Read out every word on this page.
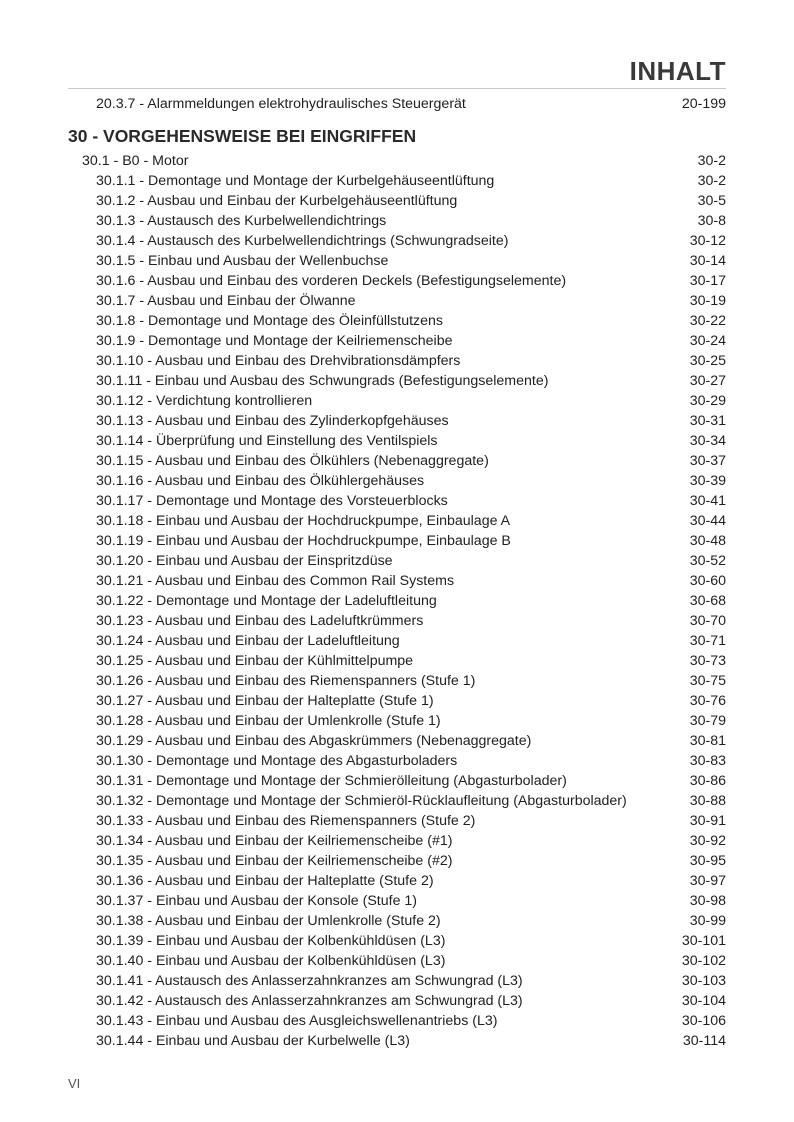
INHALT
20.3.7 - Alarmmeldungen elektrohydraulisches Steuergerät	20-199
30 - VORGEHENSWEISE BEI EINGRIFFEN
30.1 - B0 - Motor	30-2
30.1.1 - Demontage und Montage der Kurbelgehäuseentlüftung	30-2
30.1.2 - Ausbau und Einbau der Kurbelgehäuseentlüftung	30-5
30.1.3 - Austausch des Kurbelwellendichtrings	30-8
30.1.4 - Austausch des Kurbelwellendichtrings (Schwungradseite)	30-12
30.1.5 - Einbau und Ausbau der Wellenbuchse	30-14
30.1.6 - Ausbau und Einbau des vorderen Deckels (Befestigungselemente)	30-17
30.1.7 - Ausbau und Einbau der Ölwanne	30-19
30.1.8 - Demontage und Montage des Öleinfüllstutzens	30-22
30.1.9 - Demontage und Montage der Keilriemenscheibe	30-24
30.1.10 - Ausbau und Einbau des Drehvibrationsdämpfers	30-25
30.1.11 - Einbau und Ausbau des Schwungrads (Befestigungselemente)	30-27
30.1.12 - Verdichtung kontrollieren	30-29
30.1.13 - Ausbau und Einbau des Zylinderkopfgehäuses	30-31
30.1.14 - Überprüfung und Einstellung des Ventilspiels	30-34
30.1.15 - Ausbau und Einbau des Ölkühlers (Nebenaggregate)	30-37
30.1.16 - Ausbau und Einbau des Ölkühlergehäuses	30-39
30.1.17 - Demontage und Montage des Vorsteuerblocks	30-41
30.1.18 - Einbau und Ausbau der Hochdruckpumpe, Einbaulage A	30-44
30.1.19 - Einbau und Ausbau der Hochdruckpumpe, Einbaulage B	30-48
30.1.20 - Einbau und Ausbau der Einspritzdüse	30-52
30.1.21 - Ausbau und Einbau des Common Rail Systems	30-60
30.1.22 - Demontage und Montage der Ladeluftleitung	30-68
30.1.23 - Ausbau und Einbau des Ladeluftkrümmers	30-70
30.1.24 - Ausbau und Einbau der Ladeluftleitung	30-71
30.1.25 - Ausbau und Einbau der Kühlmittelpumpe	30-73
30.1.26 - Ausbau und Einbau des Riemenspanners (Stufe 1)	30-75
30.1.27 - Ausbau und Einbau der Halteplatte (Stufe 1)	30-76
30.1.28 - Ausbau und Einbau der Umlenkrolle (Stufe 1)	30-79
30.1.29 - Ausbau und Einbau des Abgaskrümmers (Nebenaggregate)	30-81
30.1.30 - Demontage und Montage des Abgasturboladers	30-83
30.1.31 - Demontage und Montage der Schmierölleitung (Abgasturbolader)	30-86
30.1.32 - Demontage und Montage der Schmieröl-Rücklaufleitung (Abgasturbolader)	30-88
30.1.33 - Ausbau und Einbau des Riemenspanners (Stufe 2)	30-91
30.1.34 - Ausbau und Einbau der Keilriemenscheibe (#1)	30-92
30.1.35 - Ausbau und Einbau der Keilriemenscheibe (#2)	30-95
30.1.36 - Ausbau und Einbau der Halteplatte (Stufe 2)	30-97
30.1.37 - Einbau und Ausbau der Konsole (Stufe 1)	30-98
30.1.38 - Ausbau und Einbau der Umlenkrolle (Stufe 2)	30-99
30.1.39 - Einbau und Ausbau der Kolbenkühldüsen (L3)	30-101
30.1.40 - Einbau und Ausbau der Kolbenkühldüsen (L3)	30-102
30.1.41 - Austausch des Anlasserzahnkranzes am Schwungrad (L3)	30-103
30.1.42 - Austausch des Anlasserzahnkranzes am Schwungrad (L3)	30-104
30.1.43 - Einbau und Ausbau des Ausgleichswellenantriebs (L3)	30-106
30.1.44 - Einbau und Ausbau der Kurbelwelle (L3)	30-114
VI
